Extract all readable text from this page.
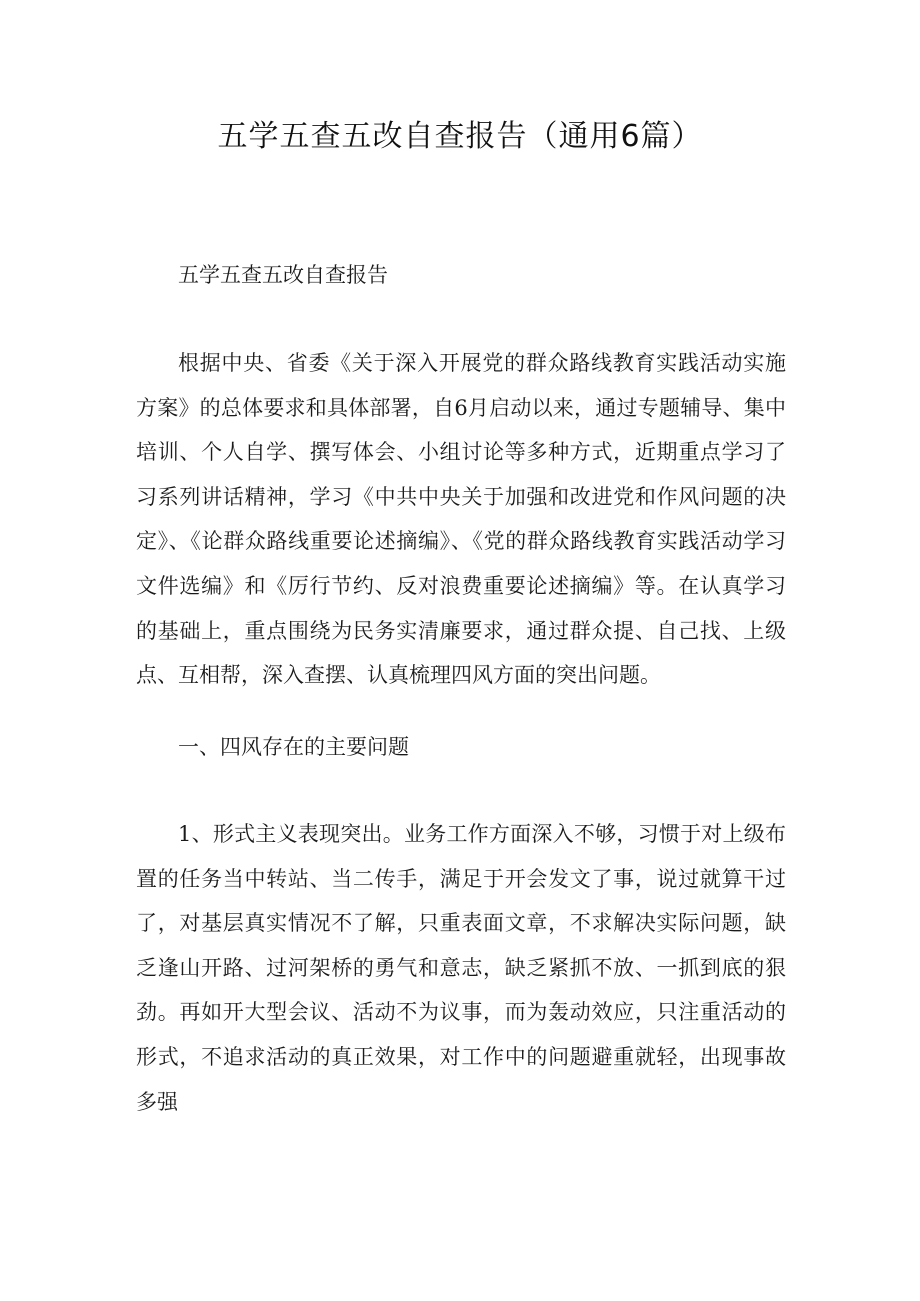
五学五查五改自查报告（通用6篇）

五学五查五改自查报告

根据中央、省委《关于深入开展党的群众路线教育实践活动实施方案》的总体要求和具体部署，自6月启动以来，通过专题辅导、集中培训、个人自学、撰写体会、小组讨论等多种方式，近期重点学习了习系列讲话精神，学习《中共中央关于加强和改进党和作风问题的决定》、《论群众路线重要论述摘编》、《党的群众路线教育实践活动学习文件选编》和《厉行节约、反对浪费重要论述摘编》等。在认真学习的基础上，重点围绕为民务实清廉要求，通过群众提、自己找、上级点、互相帮，深入查摆、认真梳理四风方面的突出问题。

一、四风存在的主要问题

1、形式主义表现突出。业务工作方面深入不够，习惯于对上级布置的任务当中转站、当二传手，满足于开会发文了事，说过就算干过了，对基层真实情况不了解，只重表面文章，不求解决实际问题，缺乏逢山开路、过河架桥的勇气和意志，缺乏紧抓不放、一抓到底的狠劲。再如开大型会议、活动不为议事，而为轰动效应，只注重活动的形式，不追求活动的真正效果，对工作中的问题避重就轻，出现事故多强
